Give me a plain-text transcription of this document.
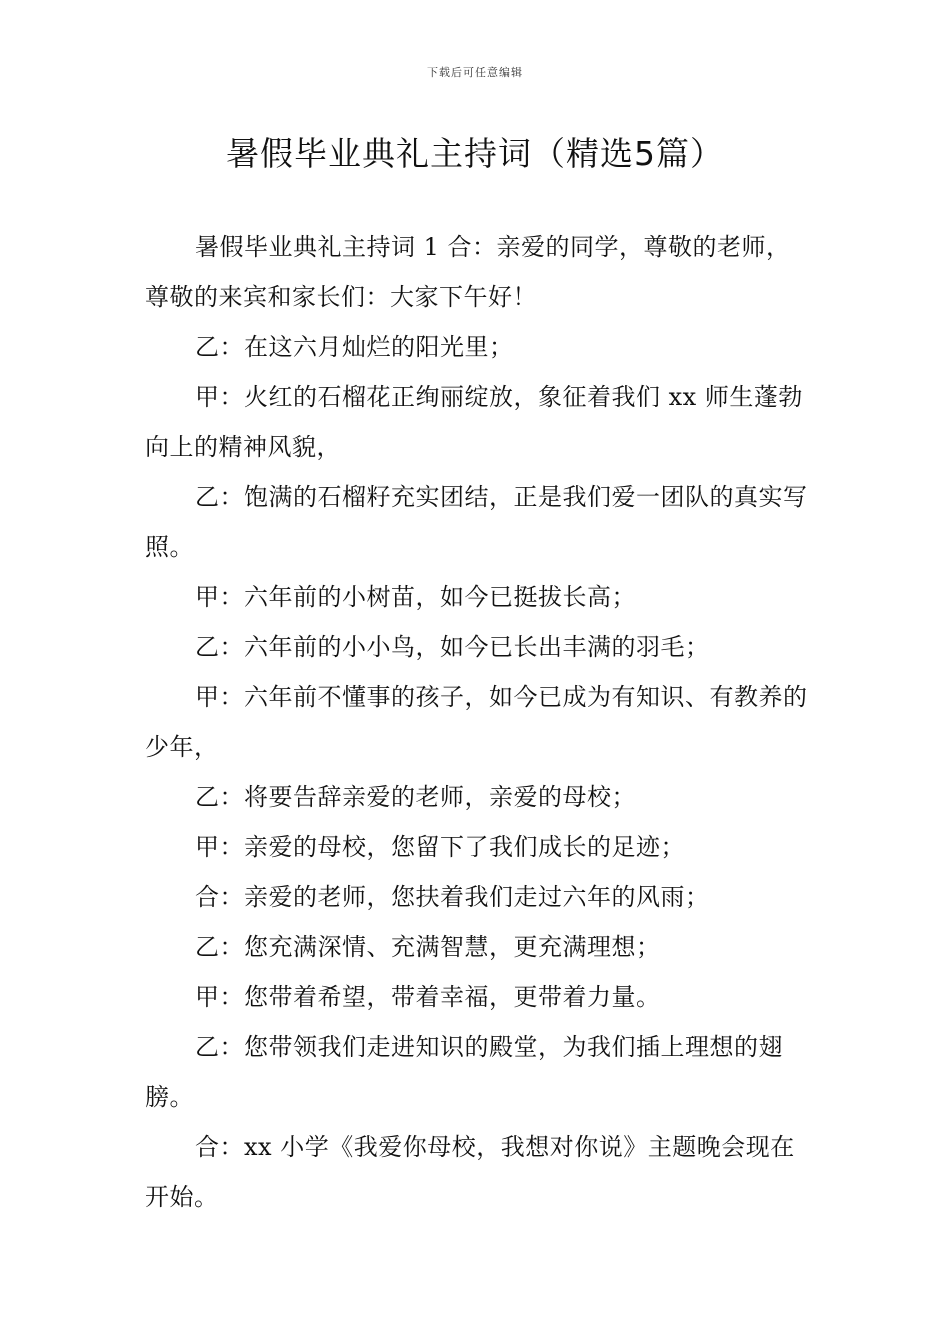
下载后可任意编辑
暑假毕业典礼主持词（精选5篇）

暑假毕业典礼主持词 1 合：亲爱的同学，尊敬的老师，尊敬的来宾和家长们：大家下午好！

乙：在这六月灿烂的阳光里；

甲：火红的石榴花正绚丽绽放，象征着我们 xx 师生蓬勃向上的精神风貌，

乙：饱满的石榴籽充实团结，正是我们爱一团队的真实写照。

甲：六年前的小树苗，如今已挺拔长高；

乙：六年前的小小鸟，如今已长出丰满的羽毛；

甲：六年前不懂事的孩子，如今已成为有知识、有教养的少年，

乙：将要告辞亲爱的老师，亲爱的母校；

甲：亲爱的母校，您留下了我们成长的足迹；

合：亲爱的老师，您扶着我们走过六年的风雨；

乙：您充满深情、充满智慧，更充满理想；

甲：您带着希望，带着幸福，更带着力量。

乙：您带领我们走进知识的殿堂，为我们插上理想的翅膀。

合：xx 小学《我爱你母校，我想对你说》主题晚会现在开始。
